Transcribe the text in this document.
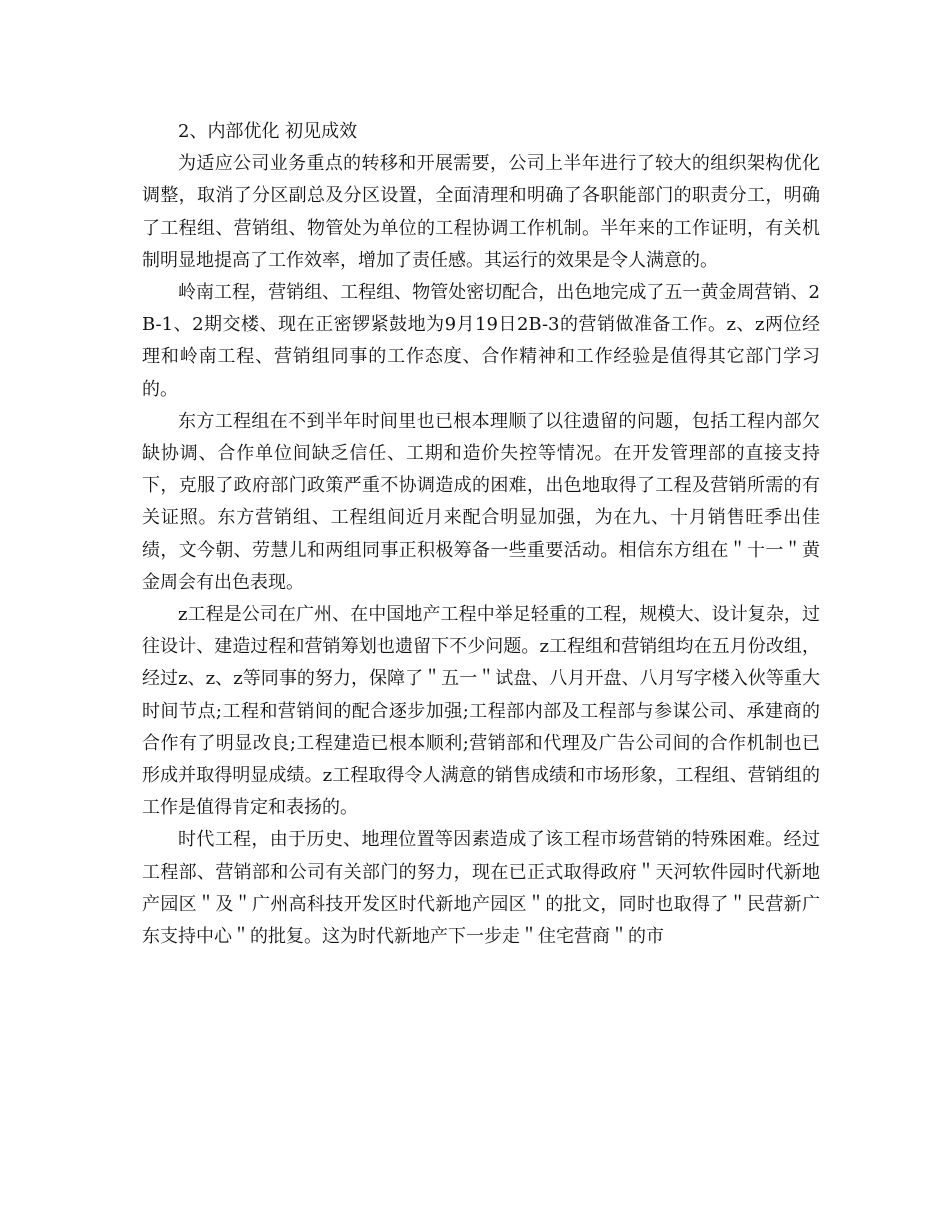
2、内部优化 初见成效

为适应公司业务重点的转移和开展需要，公司上半年进行了较大的组织架构优化调整，取消了分区副总及分区设置，全面清理和明确了各职能部门的职责分工，明确了工程组、营销组、物管处为单位的工程协调工作机制。半年来的工作证明，有关机制明显地提高了工作效率，增加了责任感。其运行的效果是令人满意的。

岭南工程，营销组、工程组、物管处密切配合，出色地完成了五一黄金周营销、2B-1、2期交楼、现在正密锣紧鼓地为9月19日2B-3的营销做准备工作。z、z两位经理和岭南工程、营销组同事的工作态度、合作精神和工作经验是值得其它部门学习的。

东方工程组在不到半年时间里也已根本理顺了以往遗留的问题，包括工程内部欠缺协调、合作单位间缺乏信任、工期和造价失控等情况。在开发管理部的直接支持下，克服了政府部门政策严重不协调造成的困难，出色地取得了工程及营销所需的有关证照。东方营销组、工程组间近月来配合明显加强，为在九、十月销售旺季出佳绩，文今朝、劳慧儿和两组同事正积极筹备一些重要活动。相信东方组在＂十一＂黄金周会有出色表现。

z工程是公司在广州、在中国地产工程中举足轻重的工程，规模大、设计复杂，过往设计、建造过程和营销筹划也遗留下不少问题。z工程组和营销组均在五月份改组，经过z、z、z等同事的努力，保障了＂五一＂试盘、八月开盘、八月写字楼入伙等重大时间节点;工程和营销间的配合逐步加强;工程部内部及工程部与参谋公司、承建商的合作有了明显改良;工程建造已根本顺利;营销部和代理及广告公司间的合作机制也已形成并取得明显成绩。z工程取得令人满意的销售成绩和市场形象，工程组、营销组的工作是值得肯定和表扬的。

时代工程，由于历史、地理位置等因素造成了该工程市场营销的特殊困难。经过工程部、营销部和公司有关部门的努力，现在已正式取得政府＂天河软件园时代新地产园区＂及＂广州高科技开发区时代新地产园区＂的批文，同时也取得了＂民营新广东支持中心＂的批复。这为时代新地产下一步走＂住宅营商＂的市
